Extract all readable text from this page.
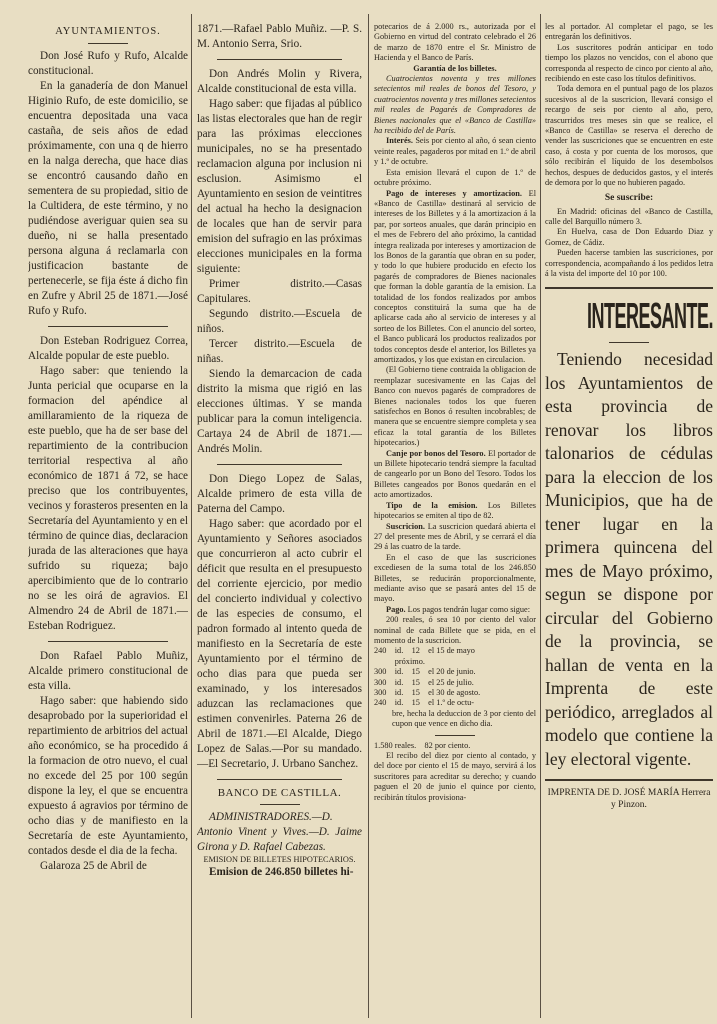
AYUNTAMIENTOS.

Don José Rufo y Rufo, Alcalde constitucional.

En la ganadería de don Manuel Higinio Rufo, de este domicilio, se encuentra depositada una vaca castaña, de seis años de edad próximamente, con una q de hierro en la nalga derecha, que hace dias se encontró causando daño en sementera de su propiedad, sitio de la Cultidera, de este término, y no pudiéndose averiguar quien sea su dueño, ni se halla presentado persona alguna á reclamarla con justificacion bastante de pertenecerle, se fija éste á dicho fin en Zufre y Abril 25 de 1871.—José Rufo y Rufo.

Don Esteban Rodriguez Correa, Alcalde popular de este pueblo.

Hago saber: que teniendo la Junta pericial que ocuparse en la formacion del apéndice al amillaramiento de la riqueza de este pueblo, que ha de ser base del repartimiento de la contribucion territorial respectiva al año económico de 1871 á 72, se hace preciso que los contribuyentes, vecinos y forasteros presenten en la Secretaría del Ayuntamiento y en el término de quince dias, declaracion jurada de las alteraciones que haya sufrido su riqueza; bajo apercibimiento que de lo contrario no se les oirá de agravios. El Almendro 24 de Abril de 1871.—Esteban Rodriguez.

Don Rafael Pablo Muñiz, Alcalde primero constitucional de esta villa.

Hago saber: que habiendo sido desaprobado por la superioridad el repartimiento de arbitrios del actual año económico, se ha procedido á la formacion de otro nuevo, el cual no excede del 25 por 100 según dispone la ley, el que se encuentra expuesto á agravios por término de ocho dias y de manifiesto en la Secretaría de este Ayuntamiento, contados desde el dia de la fecha.

Galaroza 25 de Abril de

1871.—Rafael Pablo Muñiz. —P. S. M. Antonio Serra, Srio.

Don Andrés Molin y Rivera, Alcalde constitucional de esta villa.

Hago saber: que fijadas al público las listas electorales que han de regir para las próximas elecciones municipales, no se ha presentado reclamacion alguna por inclusion ni esclusion. Asimismo el Ayuntamiento en sesion de veintitres del actual ha hecho la designacion de locales que han de servir para emision del sufragio en las próximas elecciones municipales en la forma siguiente:

Primer distrito.—Casas Capitulares.

Segundo distrito.—Escuela de niños.

Tercer distrito.—Escuela de niñas.

Siendo la demarcacion de cada distrito la misma que rigió en las elecciones últimas. Y se manda publicar para la comun inteligencia. Cartaya 24 de Abril de 1871.—Andrés Molin.

Don Diego Lopez de Salas, Alcalde primero de esta villa de Paterna del Campo.

Hago saber: que acordado por el Ayuntamiento y Señores asociados que concurrieron al acto cubrir el déficit que resulta en el presupuesto del corriente ejercicio, por medio del concierto individual y colectivo de las especies de consumo, el padron formado al intento queda de manifiesto en la Secretaría de este Ayuntamiento por el término de ocho dias para que pueda ser examinado, y los interesados aduzcan las reclamaciones que estimen convenirles. Paterna 26 de Abril de 1871.—El Alcalde, Diego Lopez de Salas.—Por su mandado.—El Secretario, J. Urbano Sanchez.

BANCO DE CASTILLA.

ADMINISTRADORES.—D. Antonio Vinent y Vives.—D. Jaime Girona y D. Rafael Cabezas.

EMISION DE BILLETES HIPOTECARIOS.

Emision de 246.850 billetes hi-

potecarios de á 2.000 rs., autorizada por el Gobierno en virtud del contrato celebrado el 26 de marzo de 1870 entre el Sr. Ministro de Hacienda y el Banco de París.

Garantía de los billetes.

Cuatrocientos noventa y tres millones setecientos mil reales de bonos del Tesoro, y cuatrocientos noventa y tres millones setecientos mil reales de Pagarés de Compradores de Bienes nacionales que el «Banco de Castilla» ha recibido del de París.

Interés. Seis por ciento al año, ó sean ciento veinte reales, pagaderos por mitad en 1.º de abril y 1.º de octubre.

Esta emision llevará el cupon de 1.º de octubre próximo.

Pago de intereses y amortizacion. El «Banco de Castilla» destinará al servicio de intereses de los Billetes y á la amortizacion á la par, por sorteos anuales, que darán principio en el mes de Febrero del año próximo, la cantidad íntegra realizada por intereses y amortizacion de los Bonos de la garantía que obran en su poder, y todo lo que hubiere producido en efecto los pagarés de compradores de Bienes nacionales que forman la doble garantía de la emision. La totalidad de los fondos realizados por ambos conceptos constituirá la suma que ha de aplicarse cada año al servicio de intereses y al sorteo de los Billetes. Con el anuncio del sorteo, el Banco publicará los productos realizados por todos conceptos desde el anterior, los Billetes ya amortizados, y los que existan en circulacion.

(El Gobierno tiene contraida la obligacion de reemplazar sucesivamente en las Cajas del Banco con nuevos pagarés de compradores de Bienes nacionales todos los que fueren satisfechos en Bonos ó resulten incobrables; de manera que se encuentre siempre completa y sea eficaz la total garantía de los Billetes hipotecarios.)

Canje por bonos del Tesoro. El portador de un Billete hipotecario tendrá siempre la facultad de cangearlo por un Bono del Tesoro. Todos los Billetes cangeados por Bonos quedarán en el acto amortizados.

Tipo de la emision. Los Billetes hipotecarios se emiten al tipo de 82.

Suscricion. La suscricion quedará abierta el 27 del presente mes de Abril, y se cerrará el día 29 á las cuatro de la tarde.

En el caso de que las suscriciones excediesen de la suma total de los 246.850 Billetes, se reducirán proporcionalmente, mediante aviso que se pasará antes del 15 de mayo.

Pago. Los pagos tendrán lugar como sigue:

200 reales, ó sea 10 por ciento del valor nominal de cada Billete que se pida, en el momento de la suscricion.

240    id.    12    el 15 de mayo

próximo.

300    id.    15    el 20 de junio.

300    id.    15    el 25 de julio.

300    id.    15    el 30 de agosto.

240    id.    15    el 1.º de octu-

bre, hecha la deduccion de 3 por ciento del cupon que vence en dicho dia.

1.580 reales.    82 por ciento.

El recibo del diez por ciento al contado, y del doce por ciento el 15 de mayo, servirá á los suscritores para acreditar su derecho; y cuando paguen el 20 de junio el quince por ciento, recibirán títulos provisiona-

les al portador. Al completar el pago, se les entregarán los definitivos.

Los suscritores podrán anticipar en todo tiempo los plazos no vencidos, con el abono que corresponda al respecto de cinco por ciento al año, recibiendo en este caso los títulos definitivos.

Toda demora en el puntual pago de los plazos sucesivos al de la suscricion, llevará consigo el recargo de seis por ciento al año, pero, trascurridos tres meses sin que se realice, el «Banco de Castilla» se reserva el derecho de vender las suscriciones que se encuentren en este caso, á costa y por cuenta de los morosos, que sólo recibirán el líquido de los desembolsos hechos, despues de deducidos gastos, y el interés de demora por lo que no hubieren pagado.

Se suscribe:

En Madrid: oficinas del «Banco de Castilla, calle del Barquillo número 3.

En Huelva, casa de Don Eduardo Diaz y Gomez, de Cádiz.

Pueden hacerse tambien las suscriciones, por correspondencia, acompañando á los pedidos letra á la vista del importe del 10 por 100.

INTERESANTE.

Teniendo necesidad los Ayuntamientos de esta provincia de renovar los libros talonarios de cédulas para la eleccion de los Municipios, que ha de tener lugar en la primera quincena del mes de Mayo próximo, segun se dispone por circular del Gobierno de la provincia, se hallan de venta en la Imprenta de este periódico, arreglados al modelo que contiene la ley electoral vigente.

IMPRENTA DE D. JOSÉ MARÍA Herrera y Pinzon.
